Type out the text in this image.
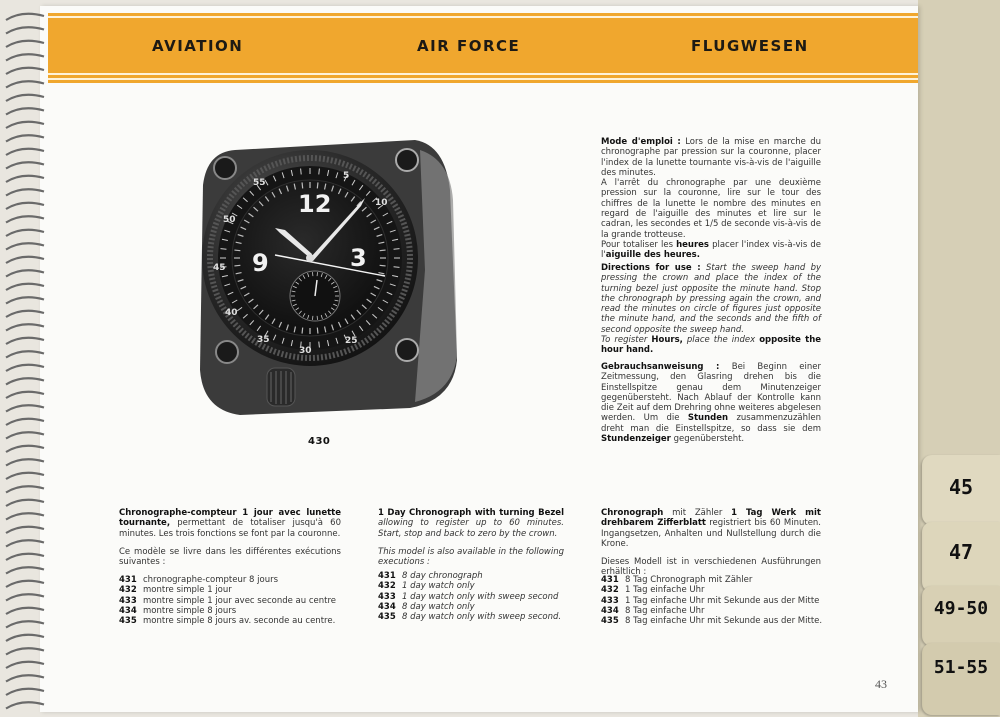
45
47
49-50
51-55
AVIATION	AIR FORCE	FLUGWESEN
55
50
45
40
35
30
25
5
10
12
3
9
430
Mode d'emploi : Lors de la mise en marche du chronographe par pression sur la couronne, placer l'index de la lunette tournante vis-à-vis de l'aiguille des minutes.
A l'arrêt du chronographe par une deuxième pression sur la couronne, lire sur le tour des chiffres de la lunette le nombre des minutes en regard de l'aiguille des minutes et lire sur le cadran, les secondes et 1/5 de seconde vis-à-vis de la grande trotteuse.
Pour totaliser les heures placer l'index vis-à-vis de l'aiguille des heures.
Directions for use : Start the sweep hand by pressing the crown and place the index of the turning bezel just opposite the minute hand. Stop the chronograph by pressing again the crown, and read the minutes on circle of figures just opposite the minute hand, and the seconds and the fifth of second opposite the sweep hand.
To register Hours, place the index opposite the hour hand.
Gebrauchsanweisung : Bei Beginn einer Zeitmessung, den Glasring drehen bis die Einstellspitze genau dem Minutenzeiger gegenübersteht. Nach Ablauf der Kontrolle kann die Zeit auf dem Drehring ohne weiteres abgelesen werden. Um die Stunden zusammenzuzählen dreht man die Einstellspitze, so dass sie dem Stundenzeiger gegenübersteht.
Chronographe-compteur 1 jour avec lunette tournante, permettant de totaliser jusqu'à 60 minutes. Les trois fonctions se font par la couronne.
Ce modèle se livre dans les différentes exécutions suivantes :
431 chronographe-compteur 8 jours
432 montre simple 1 jour
433 montre simple 1 jour avec seconde au centre
434 montre simple 8 jours
435 montre simple 8 jours av. seconde au centre.
1 Day Chronograph with turning Bezel allowing to register up to 60 minutes. Start, stop and back to zero by the crown.
This model is also available in the following executions :
431 8 day chronograph
432 1 day watch only
433 1 day watch only with sweep second
434 8 day watch only
435 8 day watch only with sweep second.
Chronograph mit Zähler 1 Tag Werk mit drehbarem Zifferblatt registriert bis 60 Minuten. Ingangsetzen, Anhalten und Nullstellung durch die Krone.
Dieses Modell ist in verschiedenen Ausführungen erhältlich :
431 8 Tag Chronograph mit Zähler
432 1 Tag einfache Uhr
433 1 Tag einfache Uhr mit Sekunde aus der Mitte
434 8 Tag einfache Uhr
435 8 Tag einfache Uhr mit Sekunde aus der Mitte.
43
